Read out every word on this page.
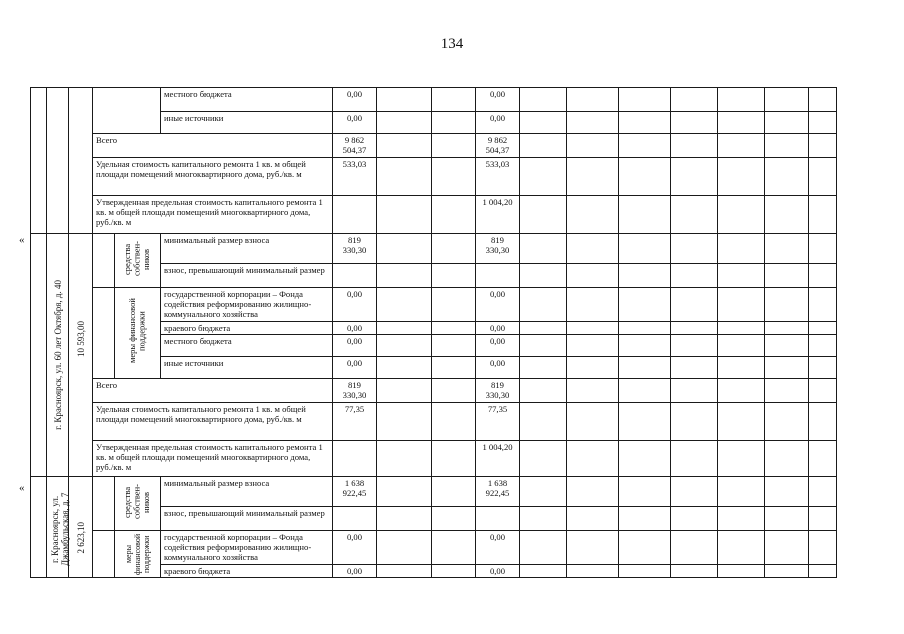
134
«
«
					местного бюджета	0,00			0,00							
					иные источники	0,00			0,00							
			Всего			9 862 504,37			9 862 504,37							
			Удельная стоимость капитального ремонта 1 кв. м общей площади помещений многоквартирного дома, руб./кв. м			533,03			533,03							
			Утвержденная предельная стоимость капитального ремонта 1 кв. м общей площади помещений многоквартирного дома, руб./кв. м						1 004,20							

	г. Красноярск, ул. 60 лет Октября, д. 40	10 593,00		средства собствен-ников	минимальный размер взноса	819 330,30			819 330,30							
					взнос, превышающий минимальный размер											

				меры финансовой поддержки	государственной корпорации – Фонда содействия реформированию жилищно-коммунального хозяйства	0,00			0,00							
					краевого бюджета	0,00			0,00							
					местного бюджета	0,00			0,00							
					иные источники	0,00			0,00							
			Всего			819 330,30			819 330,30							
			Удельная стоимость капитального ремонта 1 кв. м общей площади помещений многоквартирного дома, руб./кв. м			77,35			77,35							
			Утвержденная предельная стоимость капитального ремонта 1 кв. м общей площади помещений многоквартирного дома, руб./кв. м						1 004,20							

	г. Красноярск, ул. Джамбульская, д. 7	2 623,10		средства собствен-ников	минимальный размер взноса	1 638 922,45			1 638 922,45							
					взнос, превышающий минимальный размер											

				меры финансовой поддержки	государственной корпорации – Фонда содействия реформированию жилищно-коммунального хозяйства	0,00			0,00							
					краевого бюджета	0,00			0,00							
